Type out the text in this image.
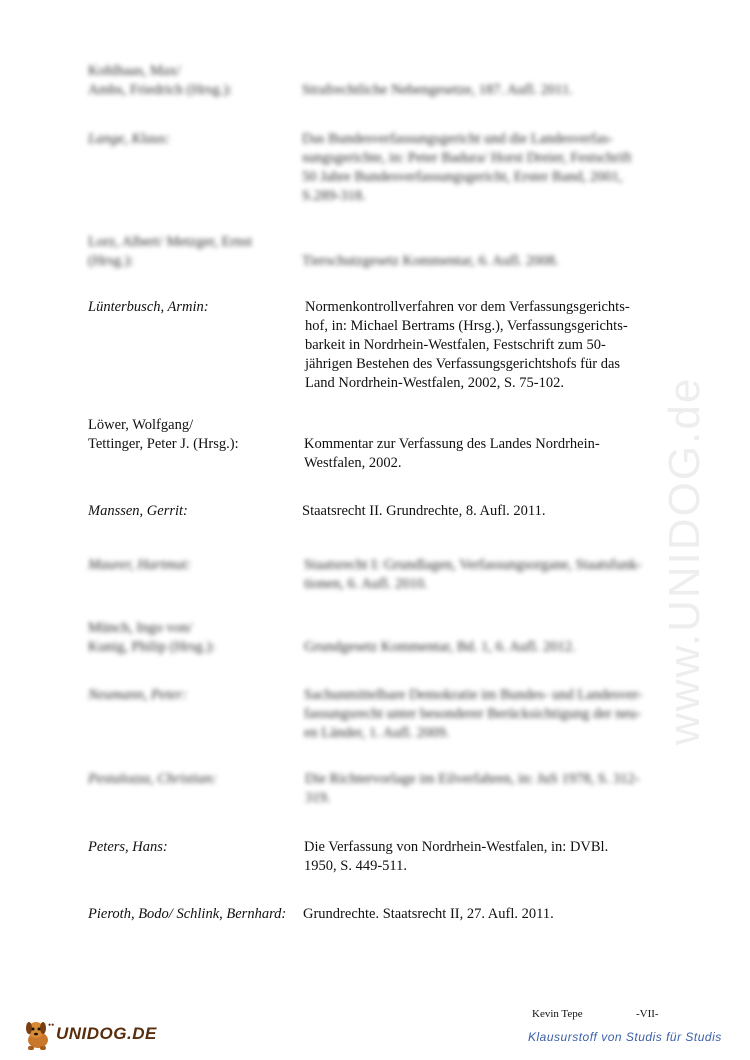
Kohlhaas, Max/
Ambs, Friedrich (Hrsg.):	Strafrechtliche Nebengesetze, 187. Aufl. 2011.
Lange, Klaus:	Das Bundesverfassungsgericht und die Landesverfas-
sungsgerichte, in: Peter Badura/ Horst Dreier, Festschrift
50 Jahre Bundesverfassungsgericht, Erster Band, 2001,
S.289-318.
Lorz, Albert/ Metzger, Ernst
(Hrsg.):	Tierschutzgesetz Kommentar, 6. Aufl. 2008.
Lünterbusch, Armin:	Normenkontrollverfahren vor dem Verfassungsgerichts-
hof, in: Michael Bertrams (Hrsg.), Verfassungsgerichts-
barkeit in Nordrhein-Westfalen, Festschrift zum 50-
jährigen Bestehen des Verfassungsgerichtshofs für das
Land Nordrhein-Westfalen, 2002, S. 75-102.
Löwer, Wolfgang/
Tettinger, Peter J. (Hrsg.):	Kommentar zur Verfassung des Landes Nordrhein-
Westfalen, 2002.
Manssen, Gerrit:	Staatsrecht II. Grundrechte, 8. Aufl. 2011.
Maurer, Hartmut:	Staatsrecht I: Grundlagen, Verfassungsorgane, Staatsfunk-
tionen, 6. Aufl. 2010.
Münch, Ingo von/
Kunig, Philip (Hrsg.):	Grundgesetz Kommentar, Bd. 1, 6. Aufl. 2012.
Neumann, Peter:	Sachunmittelbare Demokratie im Bundes- und Landesver-
fassungsrecht unter besonderer Berücksichtigung der neu-
en Länder, 1. Aufl. 2009.
Pestalozza, Christian:	Die Richtervorlage im Eilverfahren, in: JuS 1978, S. 312-
319.
Peters, Hans:	Die Verfassung von Nordrhein-Westfalen, in: DVBl.
1950, S. 449-511.
Pieroth, Bodo/ Schlink, Bernhard:	Grundrechte. Staatsrecht II, 27. Aufl. 2011.
www.UNIDOG.de
•• UNIDOG.DE
Kevin Tepe	-VII-
Klausurstoff von Studis für Studis
